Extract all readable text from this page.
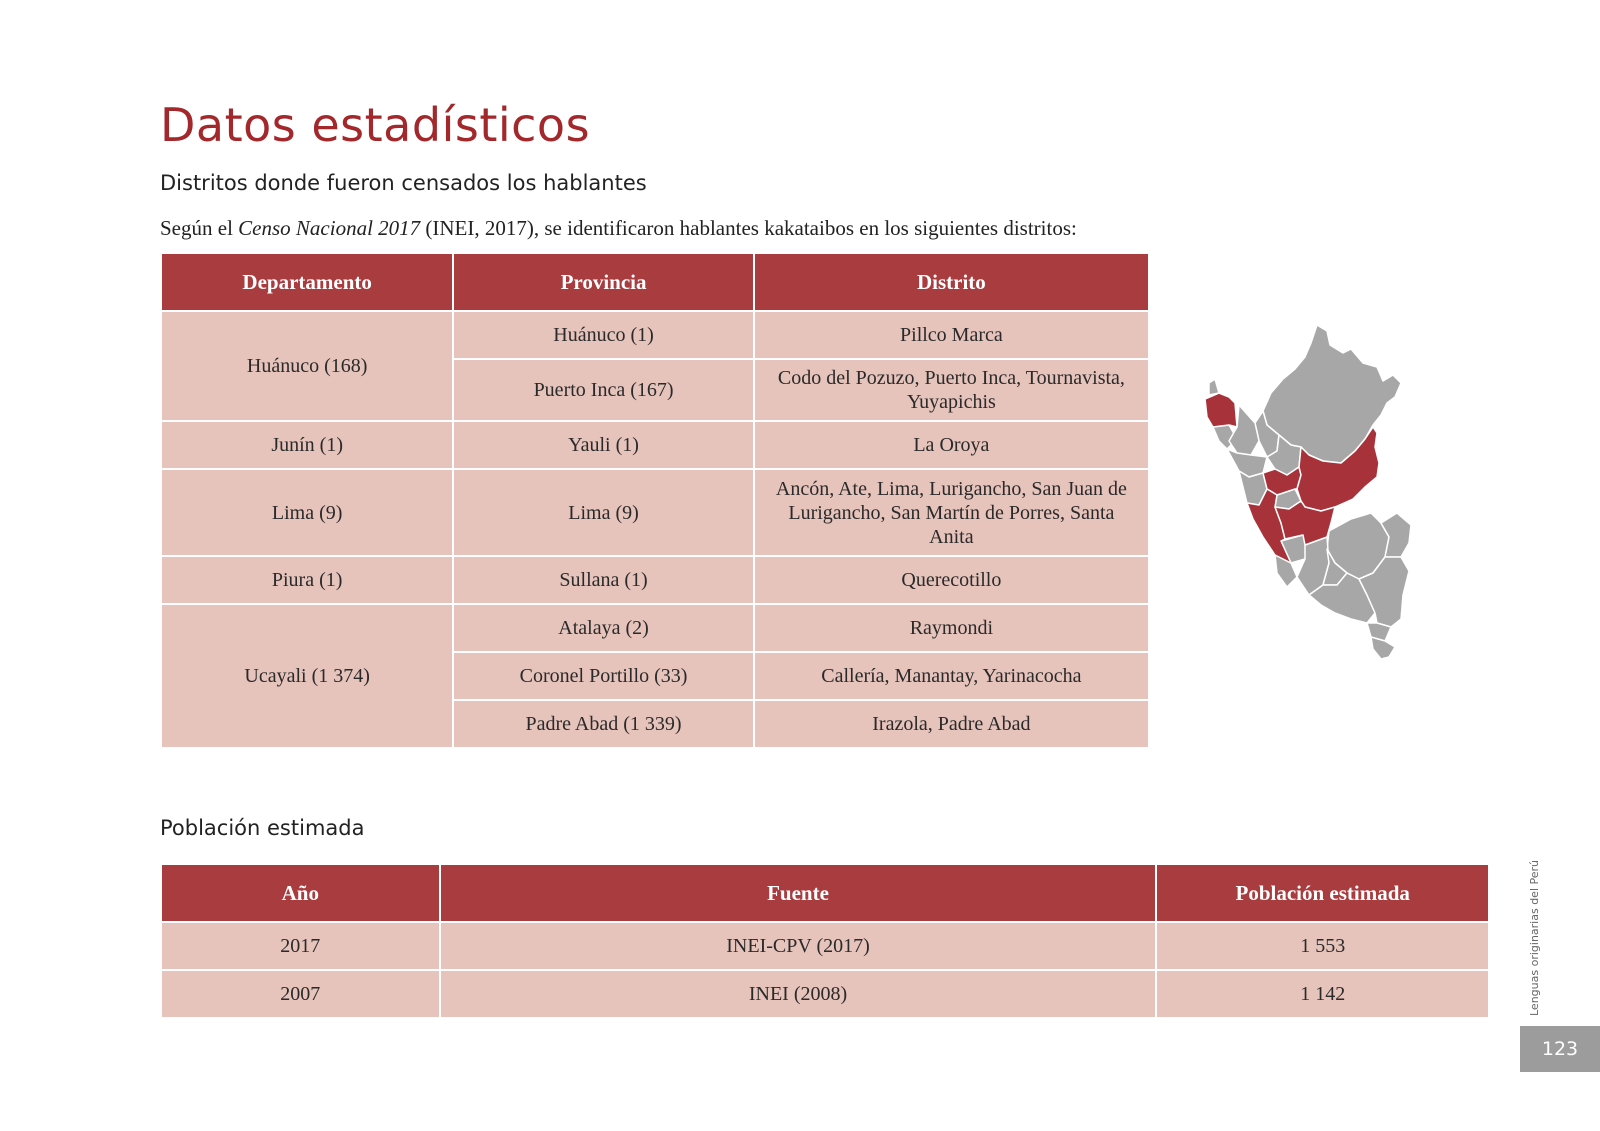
Datos estadísticos
Distritos donde fueron censados los hablantes

Según el Censo Nacional 2017 (INEI, 2017), se identificaron hablantes kakataibos en los siguientes distritos:

Departamento	Provincia	Distrito
Huánuco (168)	Huánuco (1)	Pillco Marca
	Puerto Inca (167)	Codo del Pozuzo, Puerto Inca, Tournavista, Yuyapichis
Junín (1)	Yauli (1)	La Oroya
Lima (9)	Lima (9)	Ancón, Ate, Lima, Lurigancho, San Juan de Lurigancho, San Martín de Porres, Santa Anita
Piura (1)	Sullana (1)	Querecotillo
Ucayali (1 374)	Atalaya (2)	Raymondi
	Coronel Portillo (33)	Callería, Manantay, Yarinacocha
	Padre Abad (1 339)	Irazola, Padre Abad
Población estimada
Año	Fuente	Población estimada
2017	INEI-CPV (2017)	1 553
2007	INEI (2008)	1 142	Lenguas originarias del Perú
123
